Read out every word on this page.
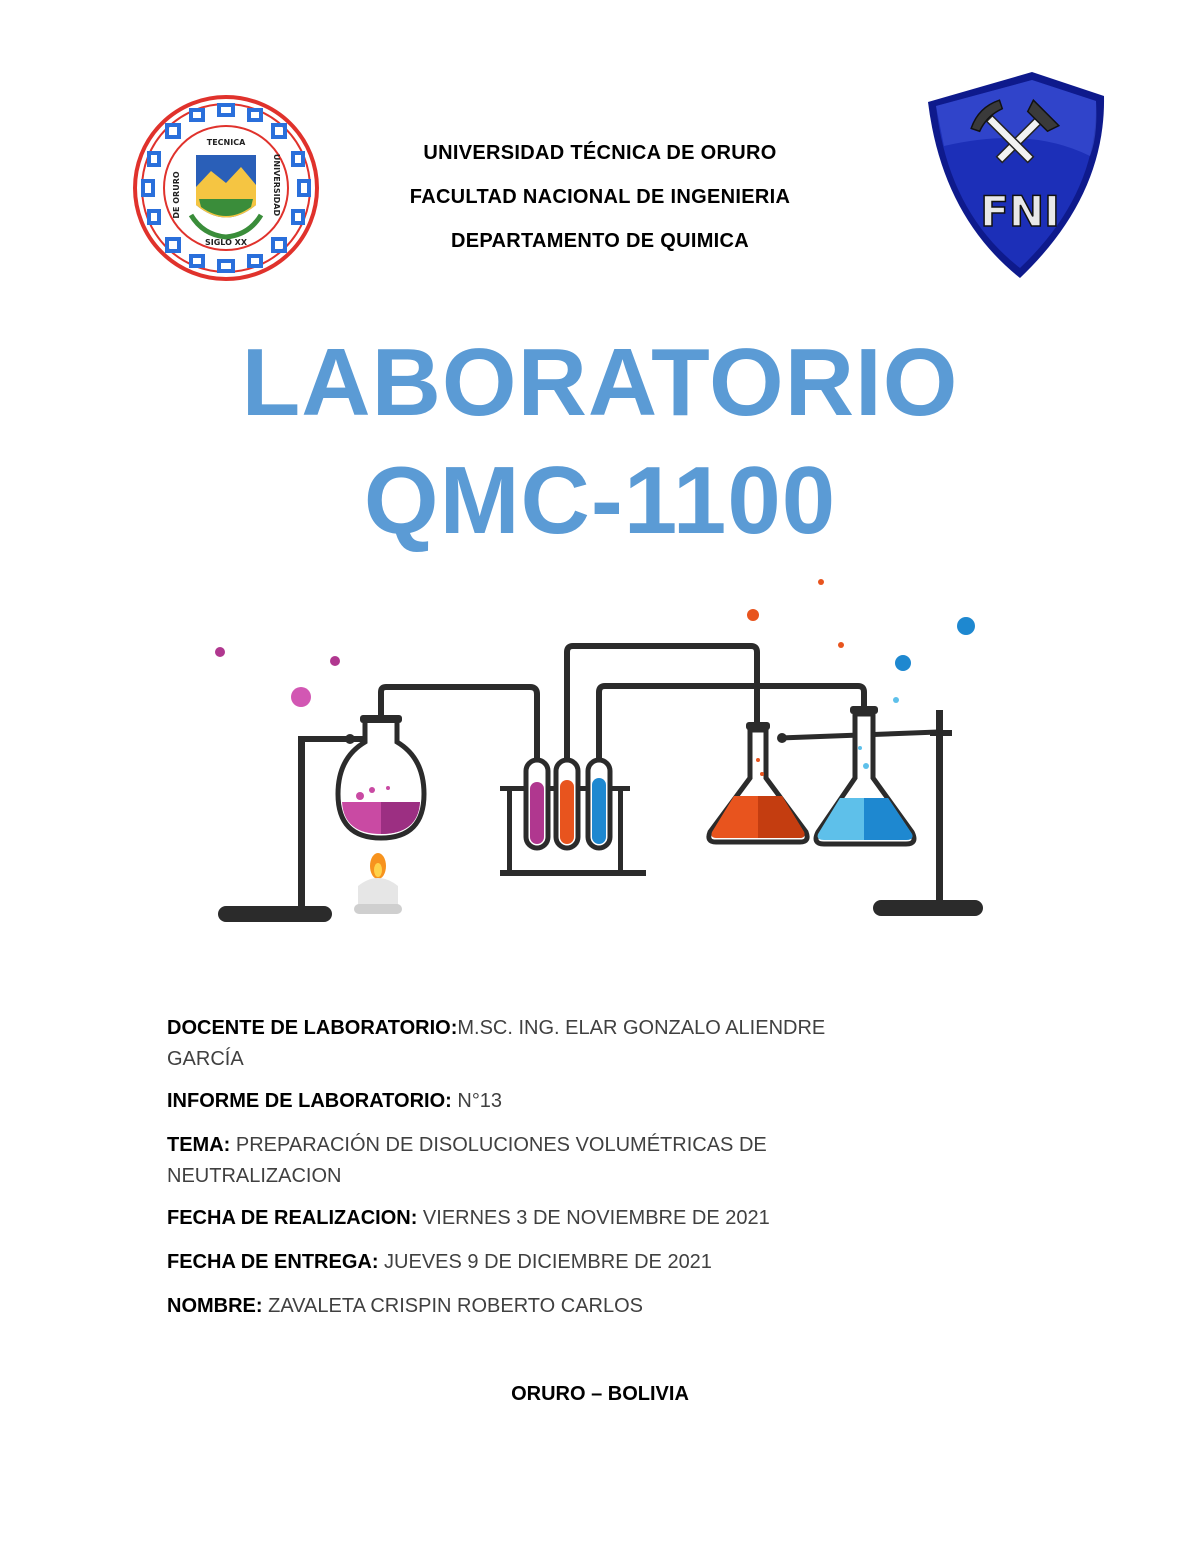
TECNICA
SIGLO XX
DE ORURO	UNIVERSIDAD
UNIVERSIDAD TÉCNICA DE ORURO
FACULTAD NACIONAL DE INGENIERIA
DEPARTAMENTO DE QUIMICA
FNI
LABORATORIO
QMC-1100
DOCENTE DE LABORATORIO:M.SC. ING. ELAR GONZALO ALIENDRE
GARCÍA
INFORME DE LABORATORIO: N°13
TEMA: PREPARACIÓN DE DISOLUCIONES VOLUMÉTRICAS DE
NEUTRALIZACION
FECHA DE REALIZACION: VIERNES 3 DE NOVIEMBRE DE 2021
FECHA DE ENTREGA: JUEVES 9 DE DICIEMBRE DE 2021
NOMBRE: ZAVALETA CRISPIN ROBERTO CARLOS
ORURO – BOLIVIA
